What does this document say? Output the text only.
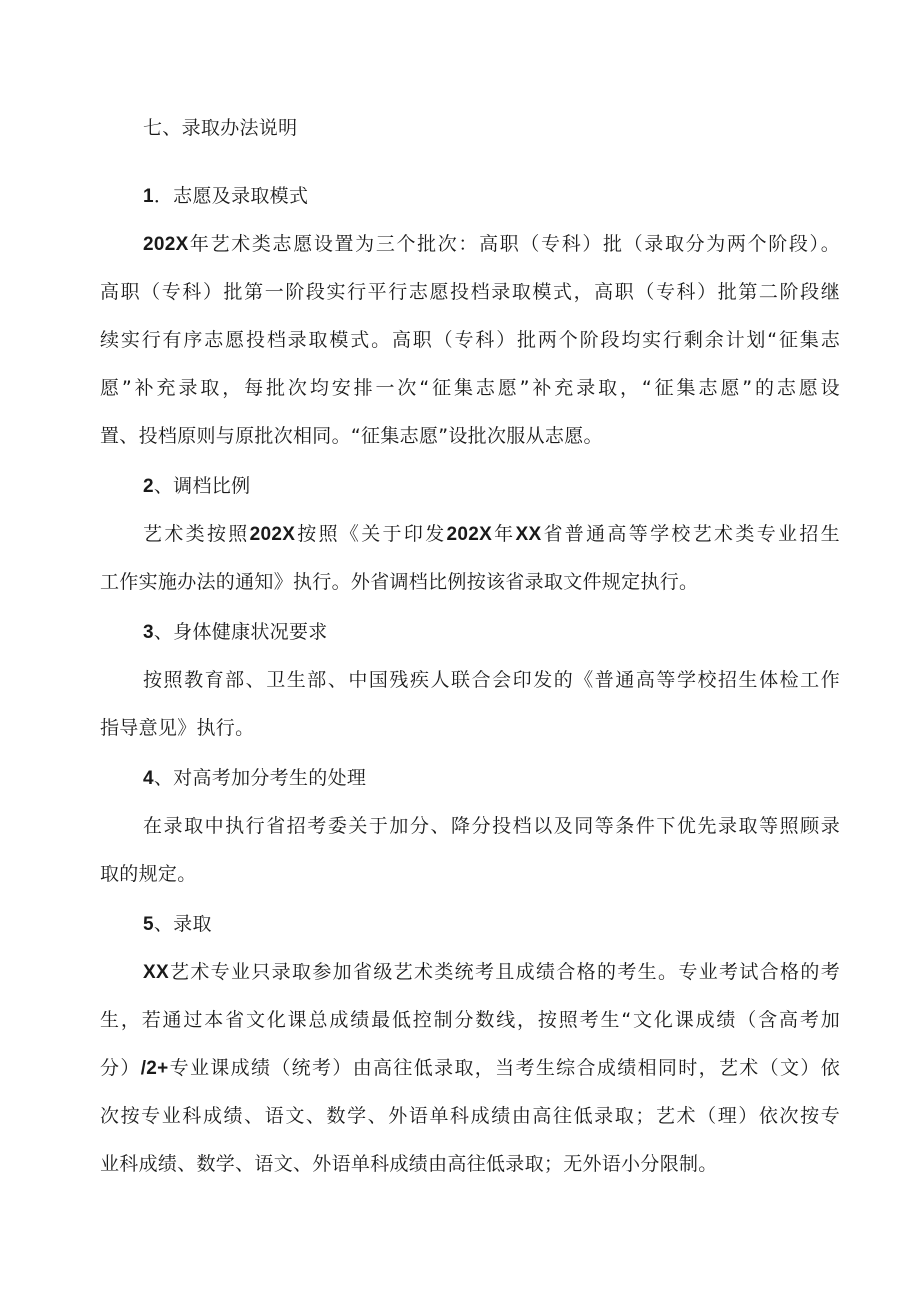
七、录取办法说明
1．志愿及录取模式
202X年艺术类志愿设置为三个批次：高职（专科）批（录取分为两个阶段）。
高职（专科）批第一阶段实行平行志愿投档录取模式，高职（专科）批第二阶段继
续实行有序志愿投档录取模式。高职（专科）批两个阶段均实行剩余计划“征集志
愿”补充录取，每批次均安排一次“征集志愿”补充录取，“征集志愿”的志愿设
置、投档原则与原批次相同。“征集志愿”设批次服从志愿。
2、调档比例
艺术类按照202X按照《关于印发202X年XX省普通高等学校艺术类专业招生
工作实施办法的通知》执行。外省调档比例按该省录取文件规定执行。
3、身体健康状况要求
按照教育部、卫生部、中国残疾人联合会印发的《普通高等学校招生体检工作
指导意见》执行。
4、对高考加分考生的处理
在录取中执行省招考委关于加分、降分投档以及同等条件下优先录取等照顾录
取的规定。
5、录取
XX艺术专业只录取参加省级艺术类统考且成绩合格的考生。专业考试合格的考
生，若通过本省文化课总成绩最低控制分数线，按照考生“文化课成绩（含高考加
分）/2+专业课成绩（统考）由高往低录取，当考生综合成绩相同时，艺术（文）依
次按专业科成绩、语文、数学、外语单科成绩由高往低录取；艺术（理）依次按专
业科成绩、数学、语文、外语单科成绩由高往低录取；无外语小分限制。
